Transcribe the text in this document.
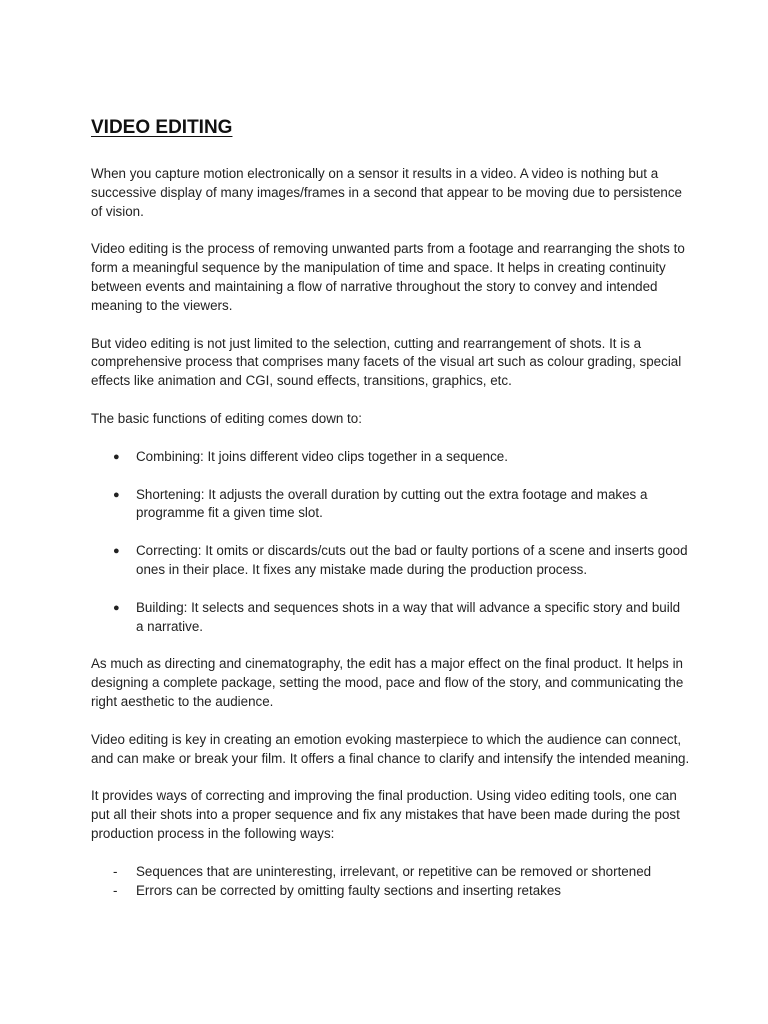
VIDEO EDITING

When you capture motion electronically on a sensor it results in a video. A video is nothing but a successive display of many images/frames in a second that appear to be moving due to persistence of vision.

Video editing is the process of removing unwanted parts from a footage and rearranging the shots to form a meaningful sequence by the manipulation of time and space. It helps in creating continuity between events and maintaining a flow of narrative throughout the story to convey and intended meaning to the viewers.

But video editing is not just limited to the selection, cutting and rearrangement of shots. It is a comprehensive process that comprises many facets of the visual art such as colour grading, special effects like animation and CGI, sound effects, transitions, graphics, etc.

The basic functions of editing comes down to:

●	Combining: It joins different video clips together in a sequence.
●	Shortening: It adjusts the overall duration by cutting out the extra footage and makes a programme fit a given time slot.
●	Correcting: It omits or discards/cuts out the bad or faulty portions of a scene and inserts good ones in their place. It fixes any mistake made during the production process.
●	Building: It selects and sequences shots in a way that will advance a specific story and build a narrative.

As much as directing and cinematography, the edit has a major effect on the final product. It helps in designing a complete package, setting the mood, pace and flow of the story, and communicating the right aesthetic to the audience.

Video editing is key in creating an emotion evoking masterpiece to which the audience can connect, and can make or break your film. It offers a final chance to clarify and intensify the intended meaning.

It provides ways of correcting and improving the final production. Using video editing tools, one can put all their shots into a proper sequence and fix any mistakes that have been made during the post production process in the following ways:

-	Sequences that are uninteresting, irrelevant, or repetitive can be removed or shortened
-	Errors can be corrected by omitting faulty sections and inserting retakes
